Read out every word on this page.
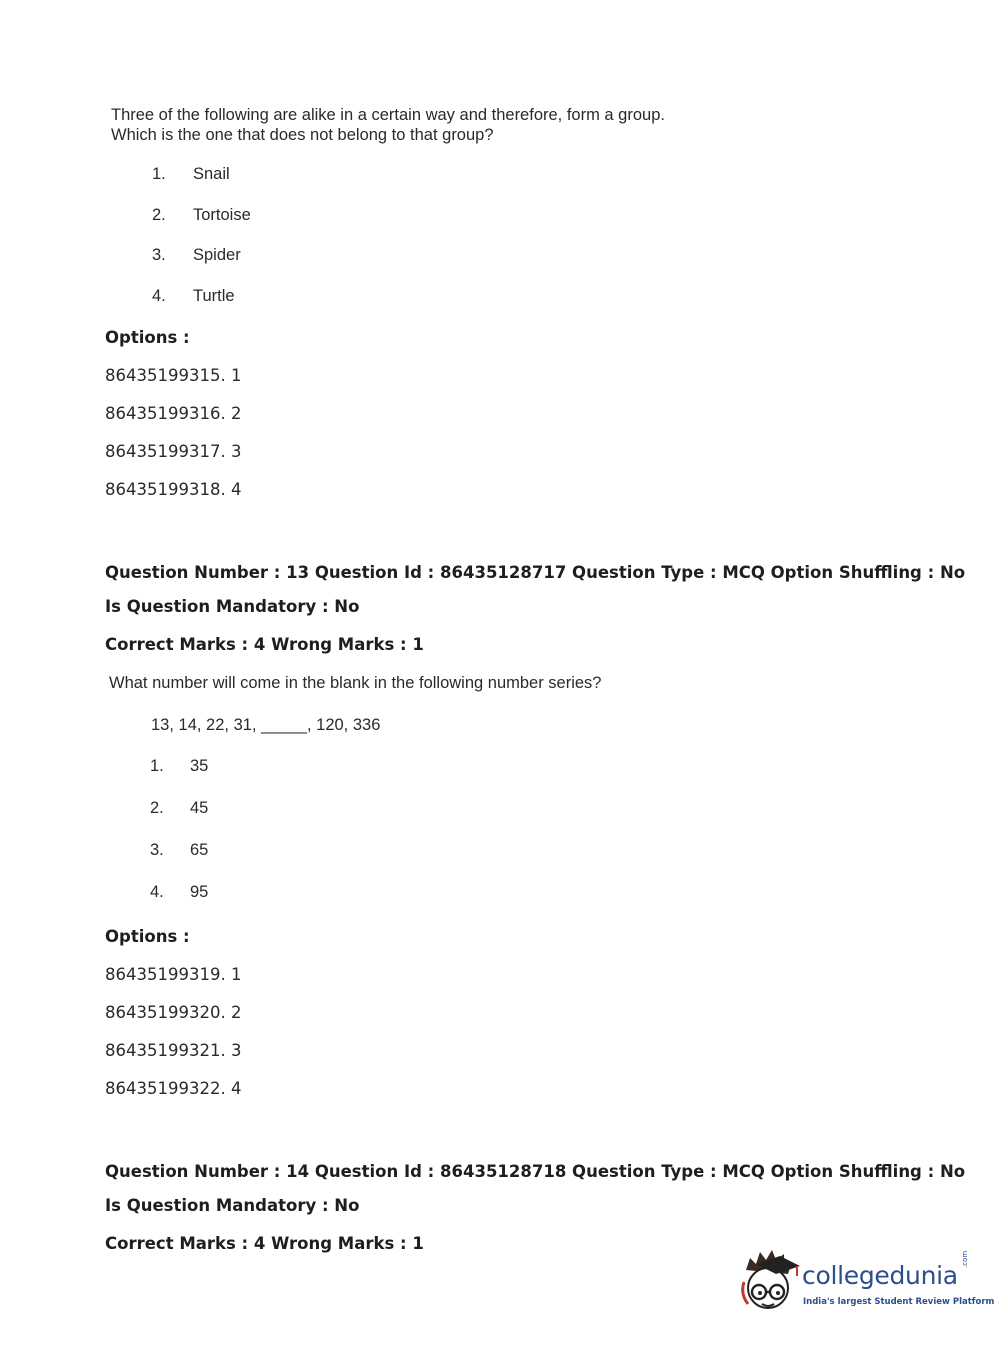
Three of the following are alike in a certain way and therefore, form a group.
Which is the one that does not belong to that group?
1. Snail
2. Tortoise
3. Spider
4. Turtle
Options :
86435199315. 1
86435199316. 2
86435199317. 3
86435199318. 4
Question Number : 13 Question Id : 86435128717 Question Type : MCQ Option Shuffling : No
Is Question Mandatory : No
Correct Marks : 4 Wrong Marks : 1
What number will come in the blank in the following number series?
13, 14, 22, 31, _____, 120, 336
1. 35
2. 45
3. 65
4. 95
Options :
86435199319. 1
86435199320. 2
86435199321. 3
86435199322. 4
Question Number : 14 Question Id : 86435128718 Question Type : MCQ Option Shuffling : No
Is Question Mandatory : No
Correct Marks : 4 Wrong Marks : 1
collegedunia
.com
India's largest Student Review Platform
